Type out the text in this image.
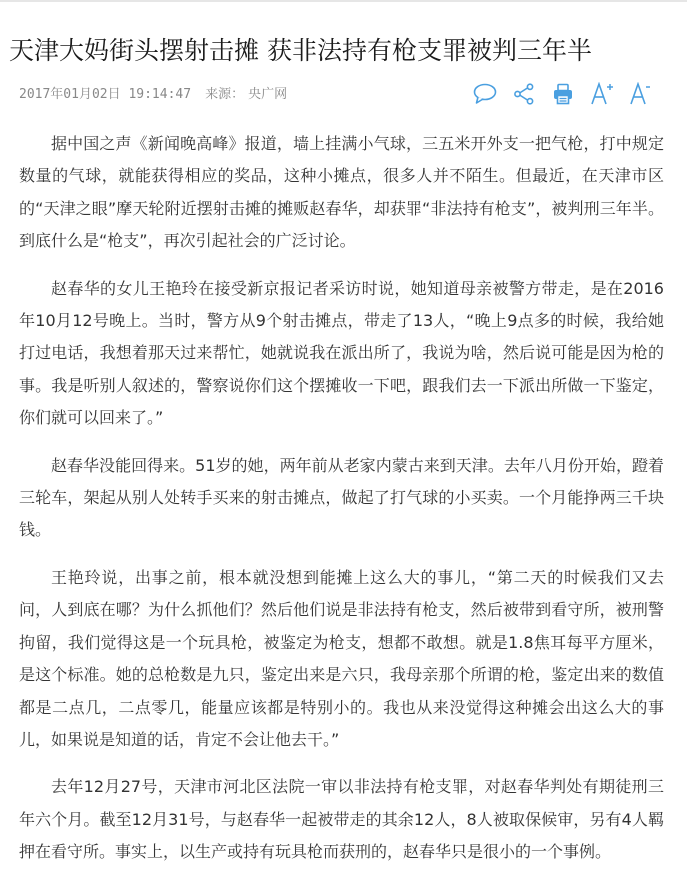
天津大妈街头摆射击摊 获非法持有枪支罪被判三年半
2017年01月02日 19:14:47 来源： 央广网

据中国之声《新闻晚高峰》报道，墙上挂满小气球，三五米开外支一把气枪，打中规定数量的气球，就能获得相应的奖品，这种小摊点，很多人并不陌生。但最近，在天津市区的“天津之眼”摩天轮附近摆射击摊的摊贩赵春华，却获罪“非法持有枪支”，被判刑三年半。到底什么是“枪支”，再次引起社会的广泛讨论。

赵春华的女儿王艳玲在接受新京报记者采访时说，她知道母亲被警方带走，是在2016年10月12号晚上。当时，警方从9个射击摊点，带走了13人，“晚上9点多的时候，我给她打过电话，我想着那天过来帮忙，她就说我在派出所了，我说为啥，然后说可能是因为枪的事。我是听别人叙述的，警察说你们这个摆摊收一下吧，跟我们去一下派出所做一下鉴定，你们就可以回来了。”

赵春华没能回得来。51岁的她，两年前从老家内蒙古来到天津。去年八月份开始，蹬着三轮车，架起从别人处转手买来的射击摊点，做起了打气球的小买卖。一个月能挣两三千块钱。

王艳玲说，出事之前，根本就没想到能摊上这么大的事儿，“第二天的时候我们又去问，人到底在哪？为什么抓他们？然后他们说是非法持有枪支，然后被带到看守所，被刑警拘留，我们觉得这是一个玩具枪，被鉴定为枪支，想都不敢想。就是1.8焦耳每平方厘米，是这个标准。她的总枪数是九只，鉴定出来是六只，我母亲那个所谓的枪，鉴定出来的数值都是二点几，二点零几，能量应该都是特别小的。我也从来没觉得这种摊会出这么大的事儿，如果说是知道的话，肯定不会让他去干。”

去年12月27号，天津市河北区法院一审以非法持有枪支罪，对赵春华判处有期徒刑三年六个月。截至12月31号，与赵春华一起被带走的其余12人，8人被取保候审，另有4人羁押在看守所。事实上，以生产或持有玩具枪而获刑的，赵春华只是很小的一个事例。
